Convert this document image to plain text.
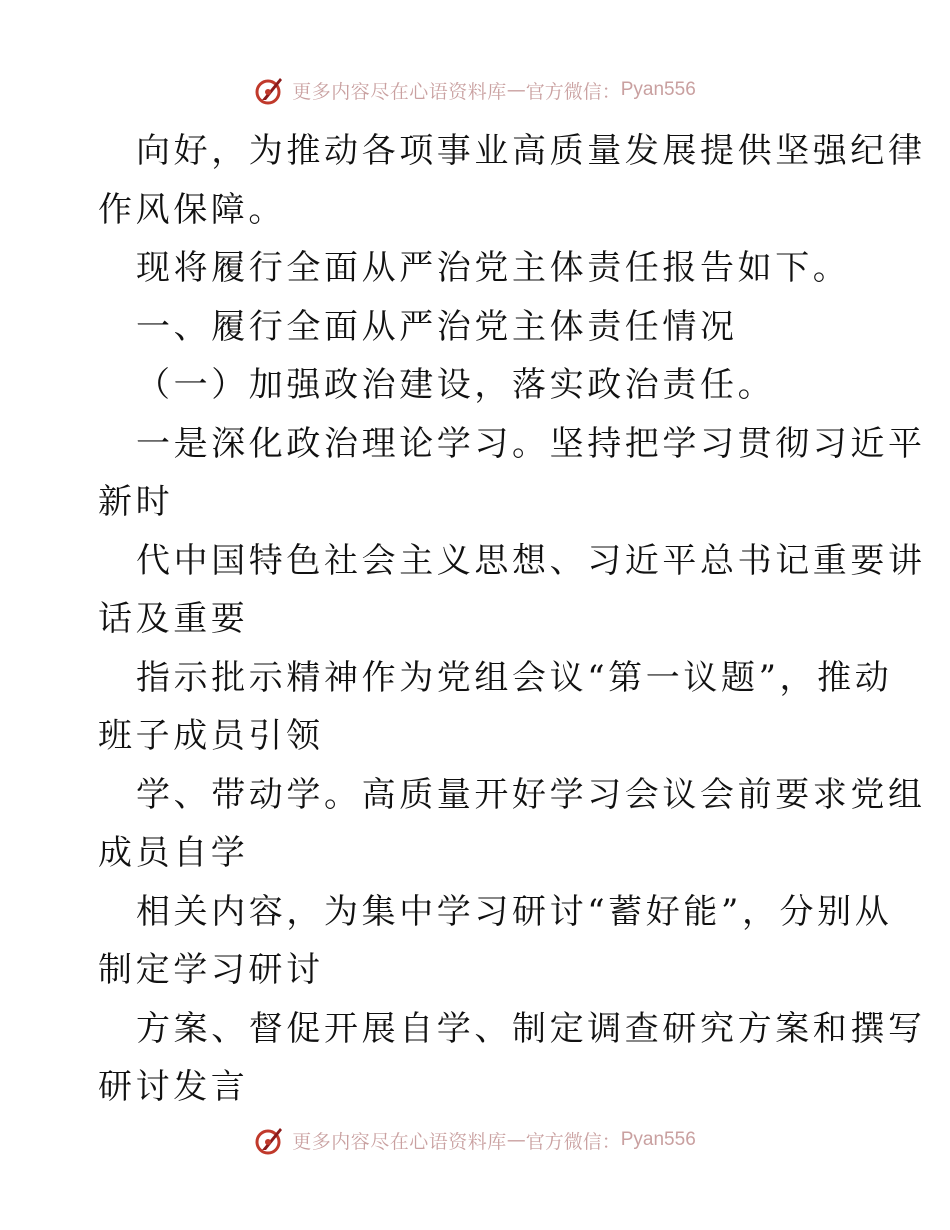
更多内容尽在心语资料库 — 官方微信： Pyan556
向好，为推动各项事业高质量发展提供坚强纪律
作风保障。
现将履行全面从严治党主体责任报告如下。
一、履行全面从严治党主体责任情况
（一）加强政治建设，落实政治责任。
一是深化政治理论学习。坚持把学习贯彻习近平
新时
代中国特色社会主义思想、习近平总书记重要讲
话及重要
指示批示精神作为党组会议“第一议题”，推动
班子成员引领
学、带动学。高质量开好学习会议会前要求党组
成员自学
相关内容，为集中学习研讨“蓄好能”，分别从
制定学习研讨
方案、督促开展自学、制定调查研究方案和撰写
研讨发言
更多内容尽在心语资料库 — 官方微信： Pyan556
